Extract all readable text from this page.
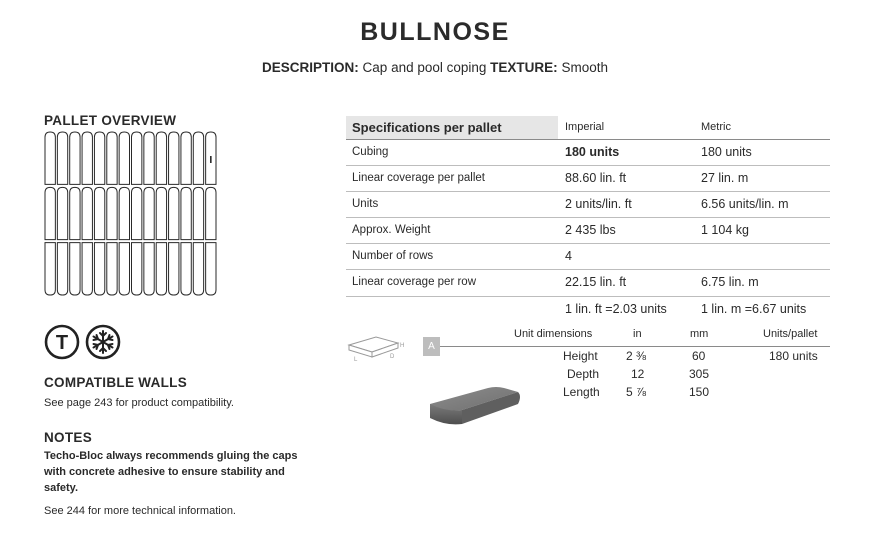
BULLNOSE
DESCRIPTION: Cap and pool coping TEXTURE: Smooth
PALLET OVERVIEW
T
COMPATIBLE WALLS
See page 243 for product compatibility.
NOTES
Techo-Bloc always recommends gluing the caps with concrete adhesive to ensure stability and safety.
See 244 for more technical information.
Specifications per pallet	Imperial	Metric
Cubing	180 units	180 units
Linear coverage per pallet	88.60 lin. ft	27 lin. m
Units	2 units/lin. ft	6.56 units/lin. m
Approx. Weight	2 435 lbs	1 104 kg
Number of rows	4
Linear coverage per row	22.15 lin. ft	6.75 lin. m
1 lin. ft =2.03 units	1 lin. m =6.67 units
H
L	D
A
Unit dimensions	in	mm	Units/pallet
Height 2 ⅜	60	180 units
Depth	12	305
Length 5 ⅞	150
